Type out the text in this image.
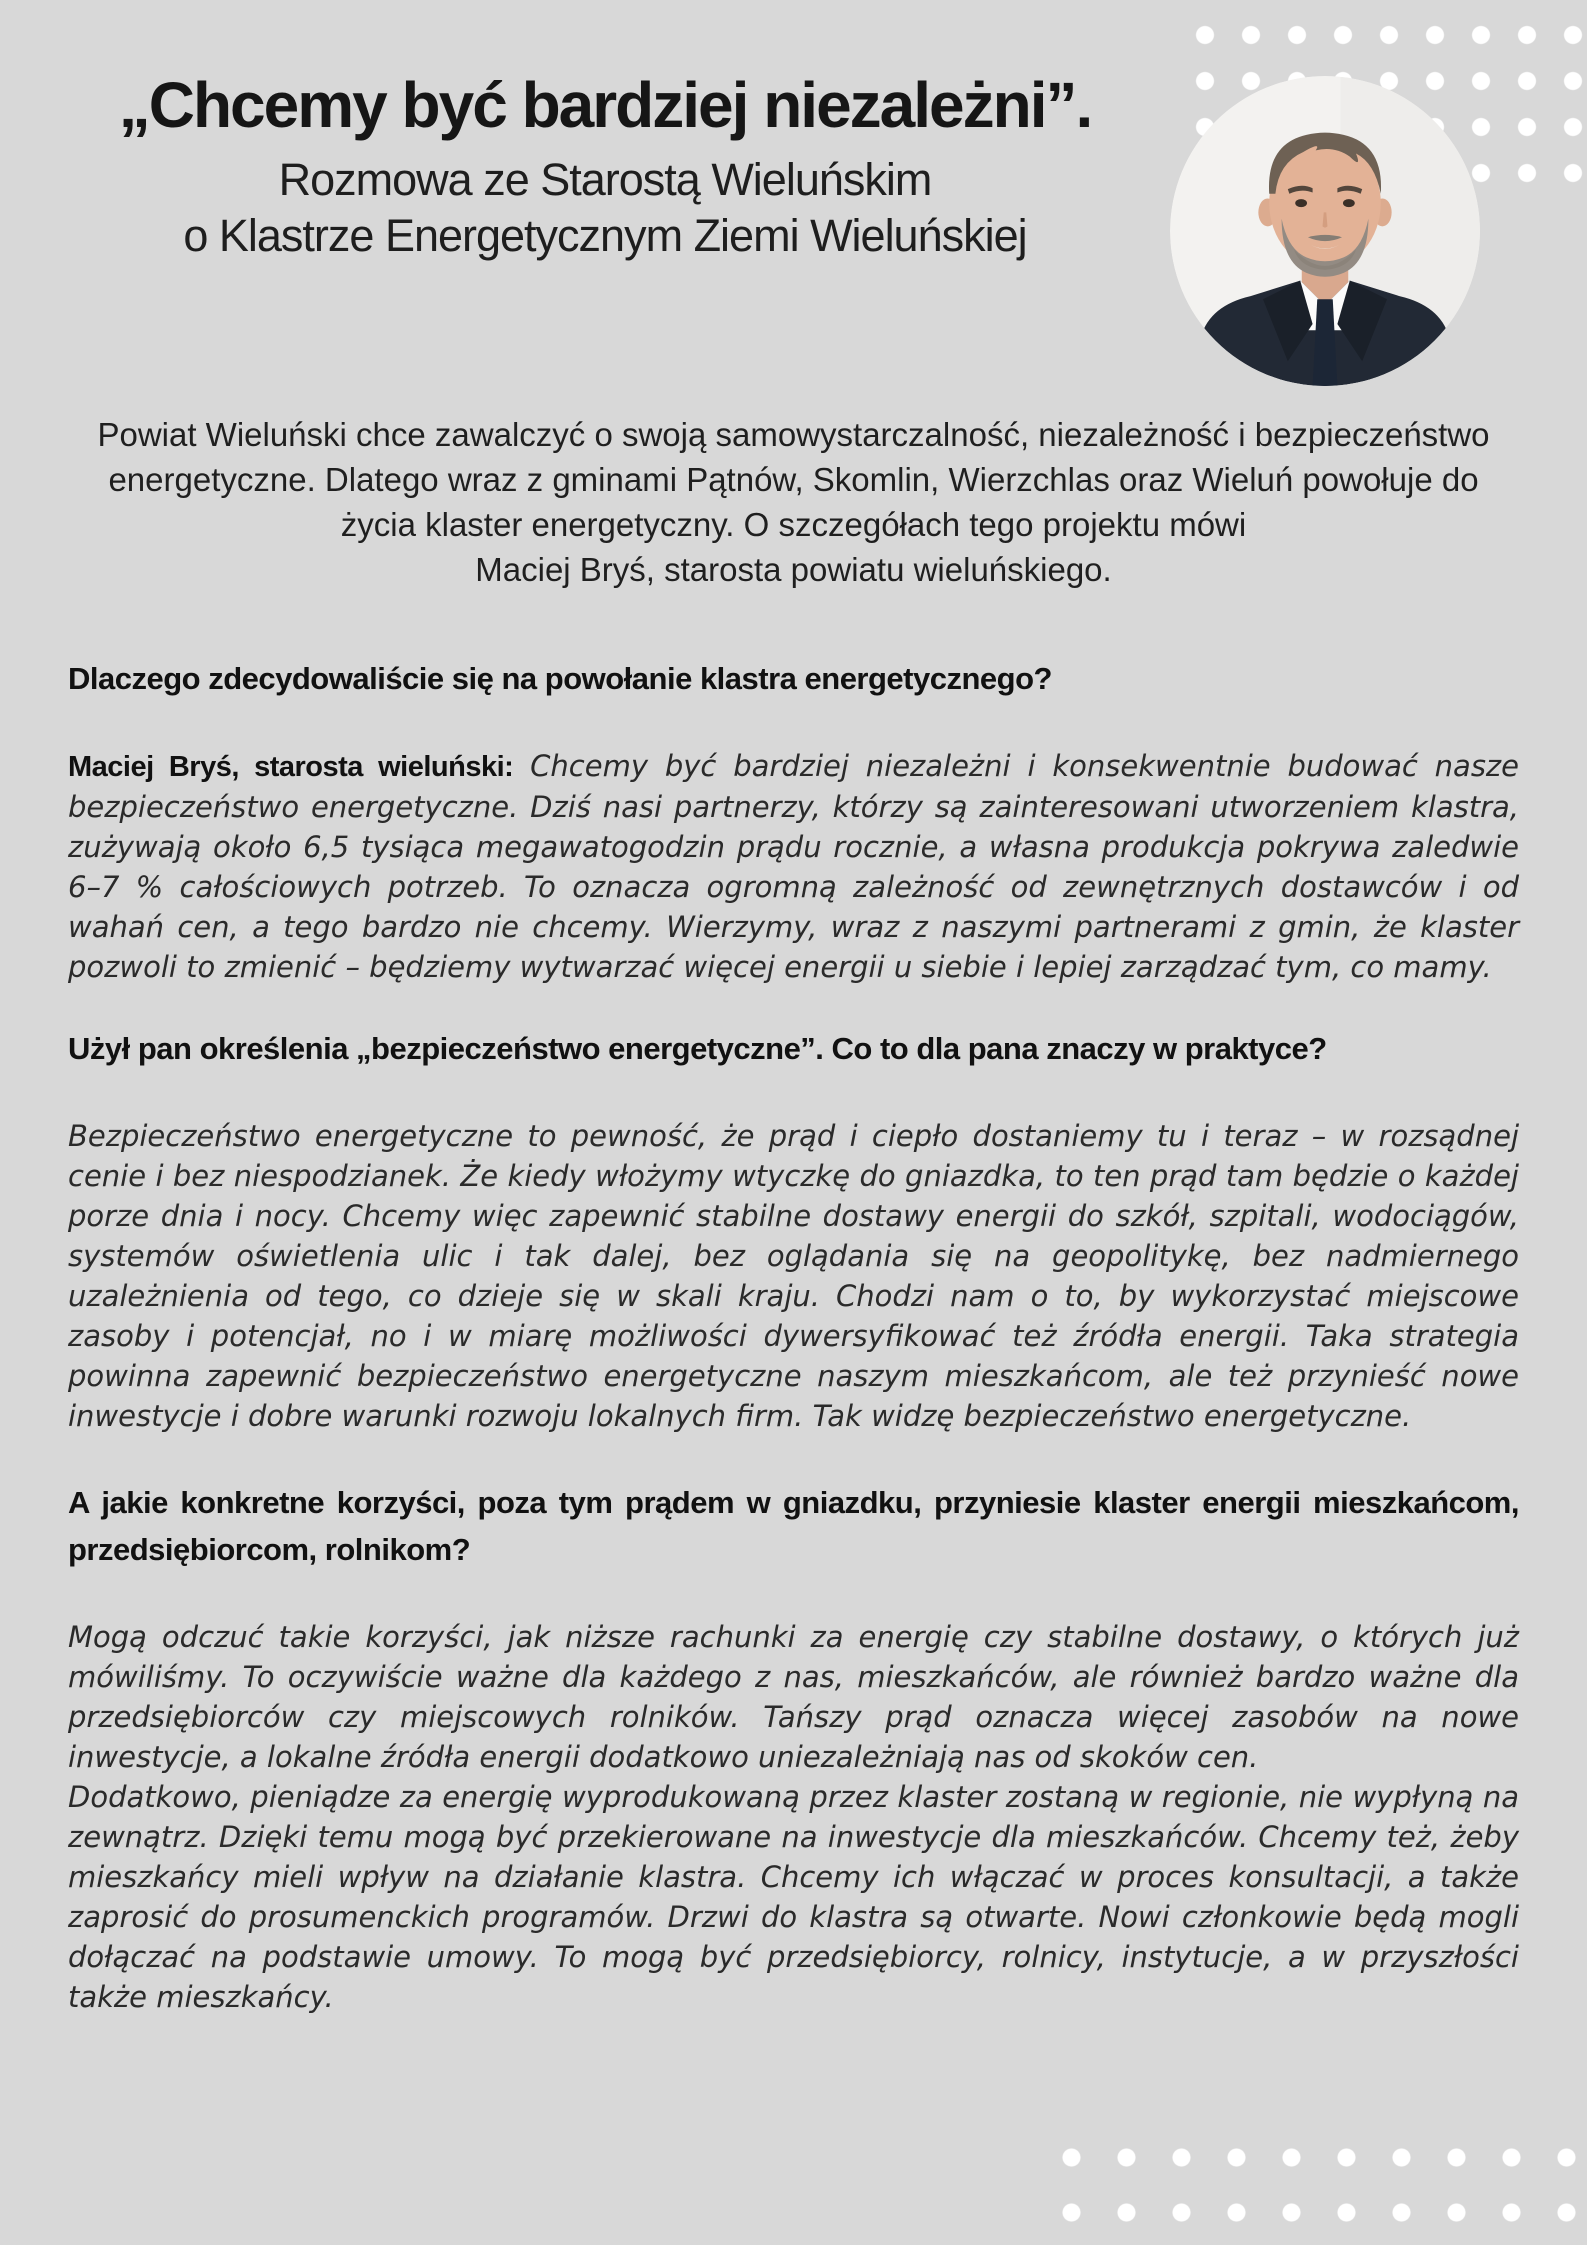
„Chcemy być bardziej niezależni”.
Rozmowa ze Starostą Wieluńskim
o Klastrze Energetycznym Ziemi Wieluńskiej
Powiat Wieluński chce zawalczyć o swoją samowystarczalność, niezależność i bezpieczeństwo energetyczne. Dlatego wraz z gminami Pątnów, Skomlin, Wierzchlas oraz Wieluń powołuje do życia klaster energetyczny. O szczegółach tego projektu mówi
Maciej Bryś, starosta powiatu wieluńskiego.
Dlaczego zdecydowaliście się na powołanie klastra energetycznego?
Maciej Bryś, starosta wieluński: Chcemy być bardziej niezależni i konsekwentnie budować nasze bezpieczeństwo energetyczne. Dziś nasi partnerzy, którzy są zainteresowani utworzeniem klastra, zużywają około 6,5 tysiąca megawatogodzin prądu rocznie, a własna produkcja pokrywa zaledwie 6–7 % całościowych potrzeb. To oznacza ogromną zależność od zewnętrznych dostawców i od wahań cen, a tego bardzo nie chcemy. Wierzymy, wraz z naszymi partnerami z gmin, że klaster pozwoli to zmienić – będziemy wytwarzać więcej energii u siebie i lepiej zarządzać tym, co mamy.
Użył pan określenia „bezpieczeństwo energetyczne”. Co to dla pana znaczy w praktyce?
Bezpieczeństwo energetyczne to pewność, że prąd i ciepło dostaniemy tu i teraz – w rozsądnej cenie i bez niespodzianek. Że kiedy włożymy wtyczkę do gniazdka, to ten prąd tam będzie o każdej porze dnia i nocy. Chcemy więc zapewnić stabilne dostawy energii do szkół, szpitali, wodociągów, systemów oświetlenia ulic i tak dalej, bez oglądania się na geopolitykę, bez nadmiernego uzależnienia od tego, co dzieje się w skali kraju. Chodzi nam o to, by wykorzystać miejscowe zasoby i potencjał, no i w miarę możliwości dywersyfikować też źródła energii. Taka strategia powinna zapewnić bezpieczeństwo energetyczne naszym mieszkańcom, ale też przynieść nowe inwestycje i dobre warunki rozwoju lokalnych firm. Tak widzę bezpieczeństwo energetyczne.
A jakie konkretne korzyści, poza tym prądem w gniazdku, przyniesie klaster energii mieszkańcom, przedsiębiorcom, rolnikom?

Mogą odczuć takie korzyści, jak niższe rachunki za energię czy stabilne dostawy, o których już mówiliśmy. To oczywiście ważne dla każdego z nas, mieszkańców, ale również bardzo ważne dla przedsiębiorców czy miejscowych rolników. Tańszy prąd oznacza więcej zasobów na nowe inwestycje, a lokalne źródła energii dodatkowo uniezależniają nas od skoków cen.

Dodatkowo, pieniądze za energię wyprodukowaną przez klaster zostaną w regionie, nie wypłyną na zewnątrz. Dzięki temu mogą być przekierowane na inwestycje dla mieszkańców. Chcemy też, żeby mieszkańcy mieli wpływ na działanie klastra. Chcemy ich włączać w proces konsultacji, a także zaprosić do prosumenckich programów. Drzwi do klastra są otwarte. Nowi członkowie będą mogli dołączać na podstawie umowy. To mogą być przedsiębiorcy, rolnicy, instytucje, a w przyszłości także mieszkańcy.
